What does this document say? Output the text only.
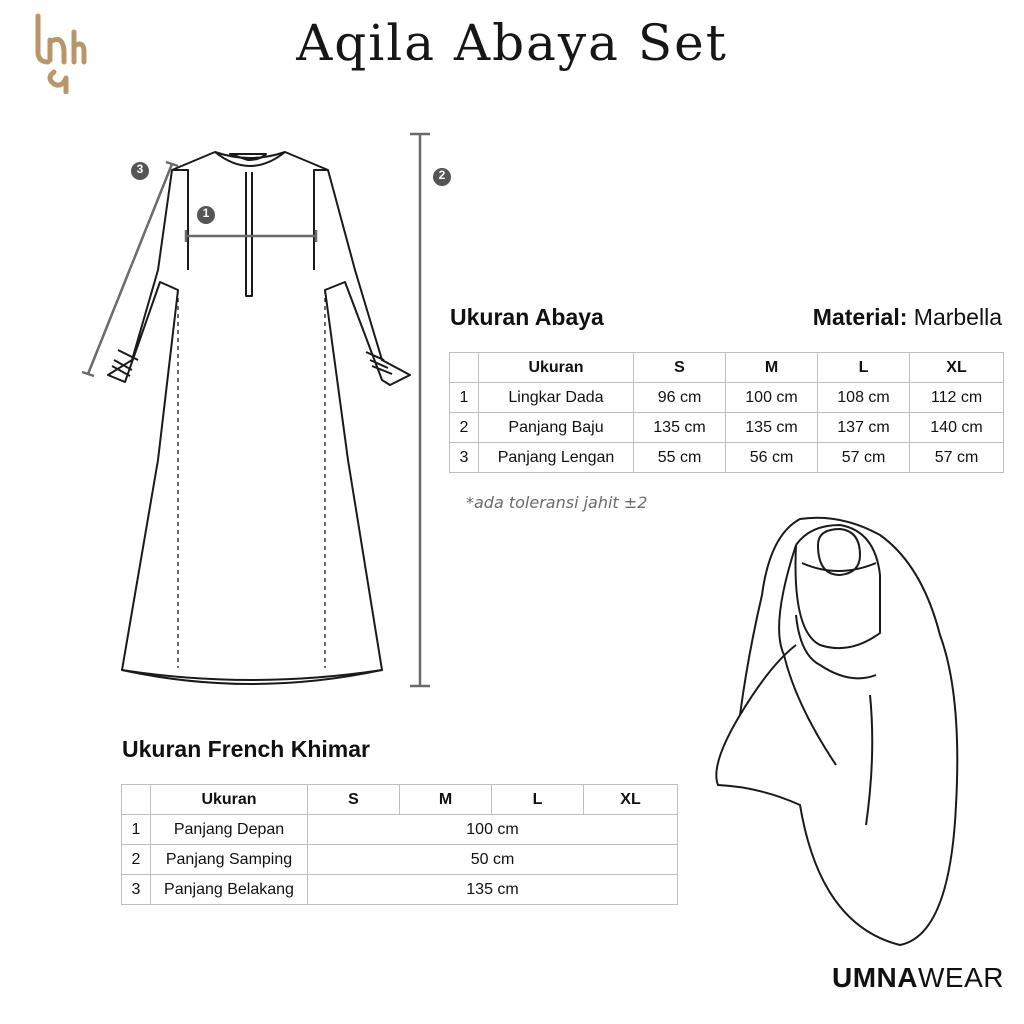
Aqila Abaya Set
1
2
3
Ukuran Abaya	Material: Marbella
	Ukuran	S	M	L	XL
1	Lingkar Dada	96 cm	100 cm	108 cm	112 cm
2	Panjang Baju	135 cm	135 cm	137 cm	140 cm
3	Panjang Lengan	55 cm	56 cm	57 cm	57 cm
*ada toleransi jahit ±2
Ukuran French Khimar
	Ukuran	S	M	L	XL
1	Panjang Depan	100 cm			
2	Panjang Samping	50 cm			
3	Panjang Belakang	135 cm			
UMNAWEAR
